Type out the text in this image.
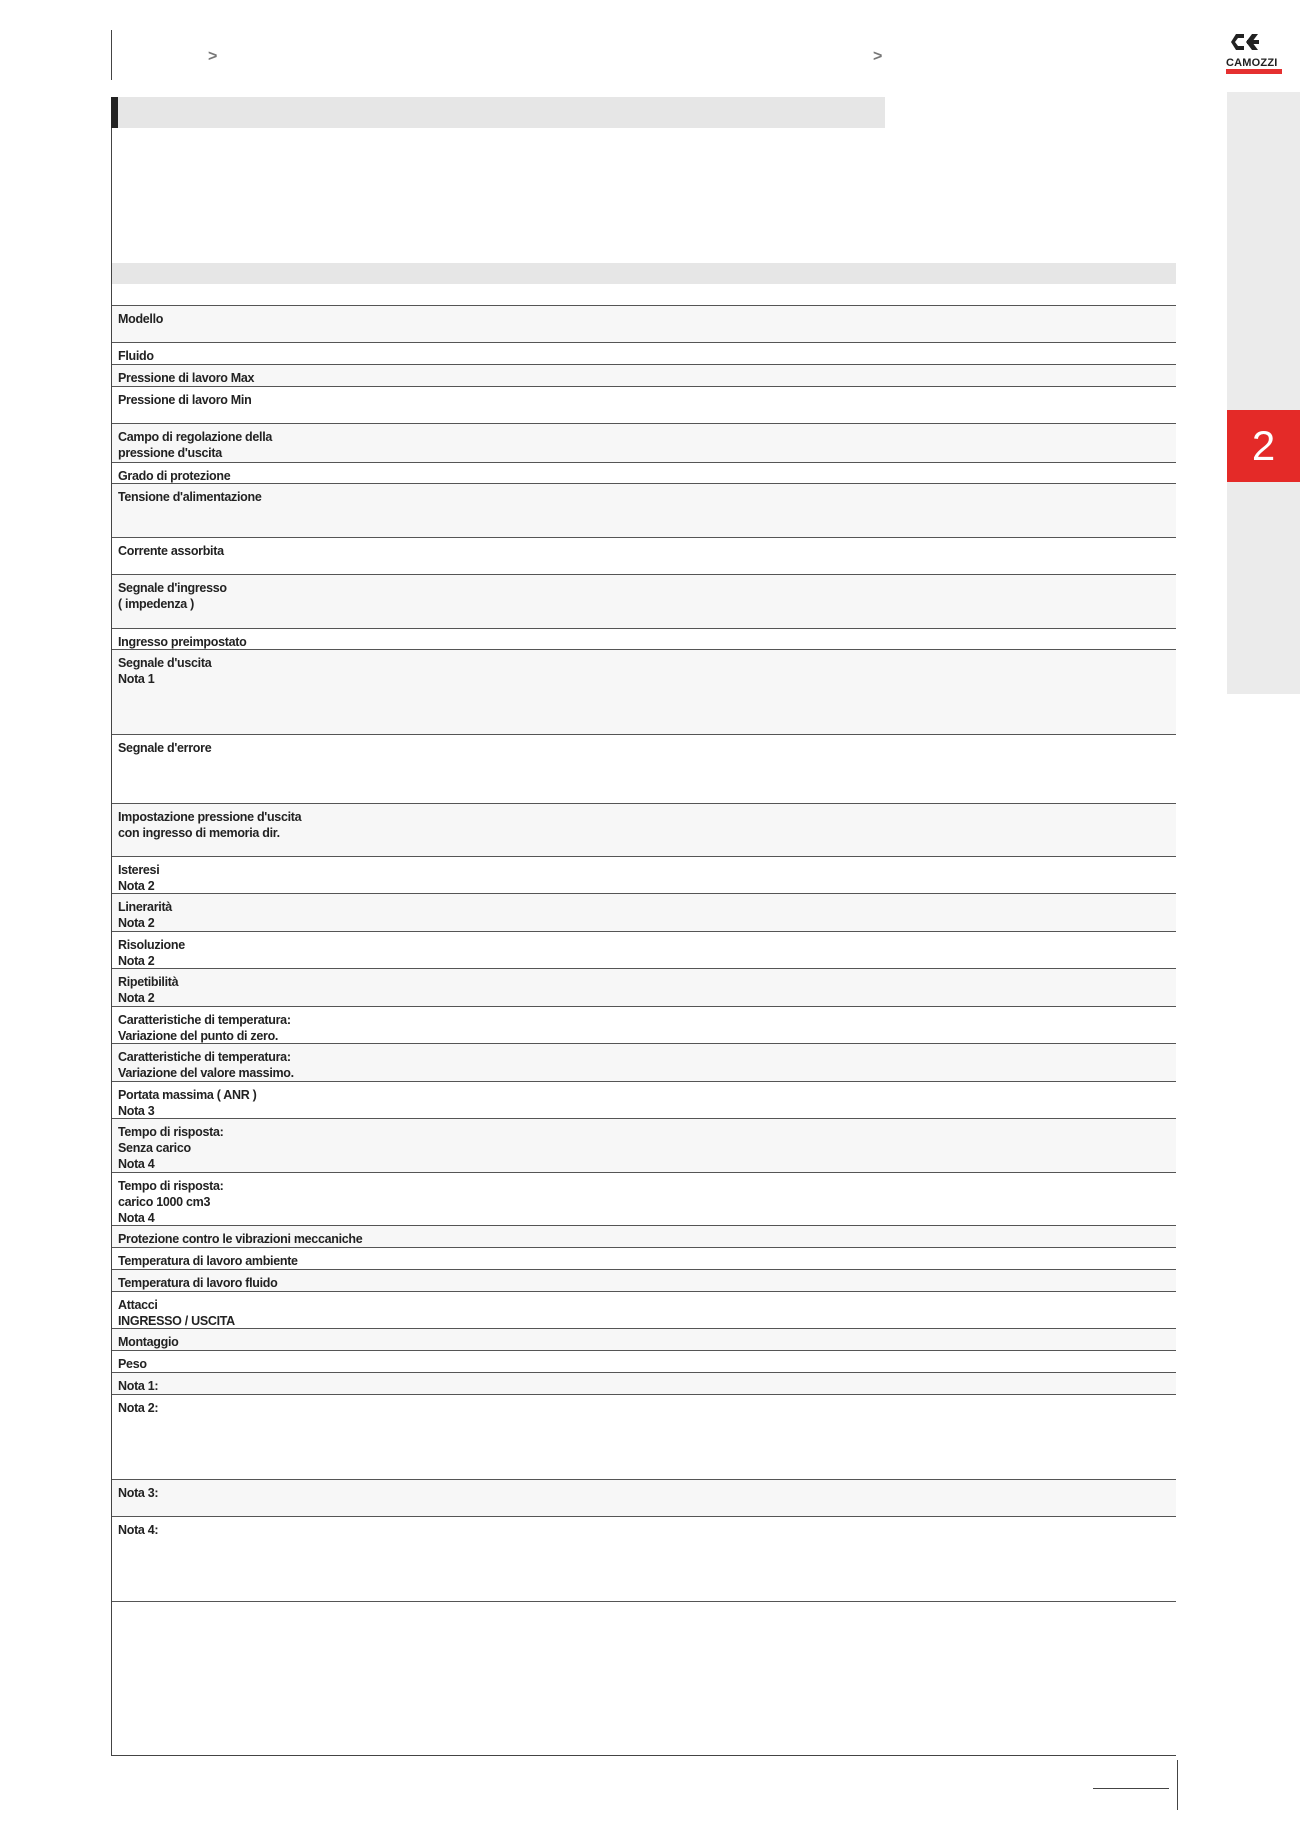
>	>	CAMOZZI
2
Modello
Fluido
Pressione di lavoro Max
Pressione di lavoro Min
Campo di regolazione della
pressione d'uscita
Grado di protezione
Tensione d'alimentazione
Corrente assorbita
Segnale d'ingresso
( impedenza )
Ingresso preimpostato
Segnale d'uscita
Nota 1
Segnale d'errore
Impostazione pressione d'uscita
con ingresso di memoria dir.
Isteresi
Nota 2
Linerarità
Nota 2
Risoluzione
Nota 2
Ripetibilità
Nota 2
Caratteristiche di temperatura:
Variazione del punto di zero.
Caratteristiche di temperatura:
Variazione del valore massimo.
Portata massima ( ANR )
Nota 3
Tempo di risposta:
Senza carico
Nota 4
Tempo di risposta:
carico 1000 cm3
Nota 4
Protezione contro le vibrazioni meccaniche
Temperatura di lavoro ambiente
Temperatura di lavoro fluido
Attacci
INGRESSO / USCITA
Montaggio
Peso
Nota 1:
Nota 2:
Nota 3:
Nota 4:
